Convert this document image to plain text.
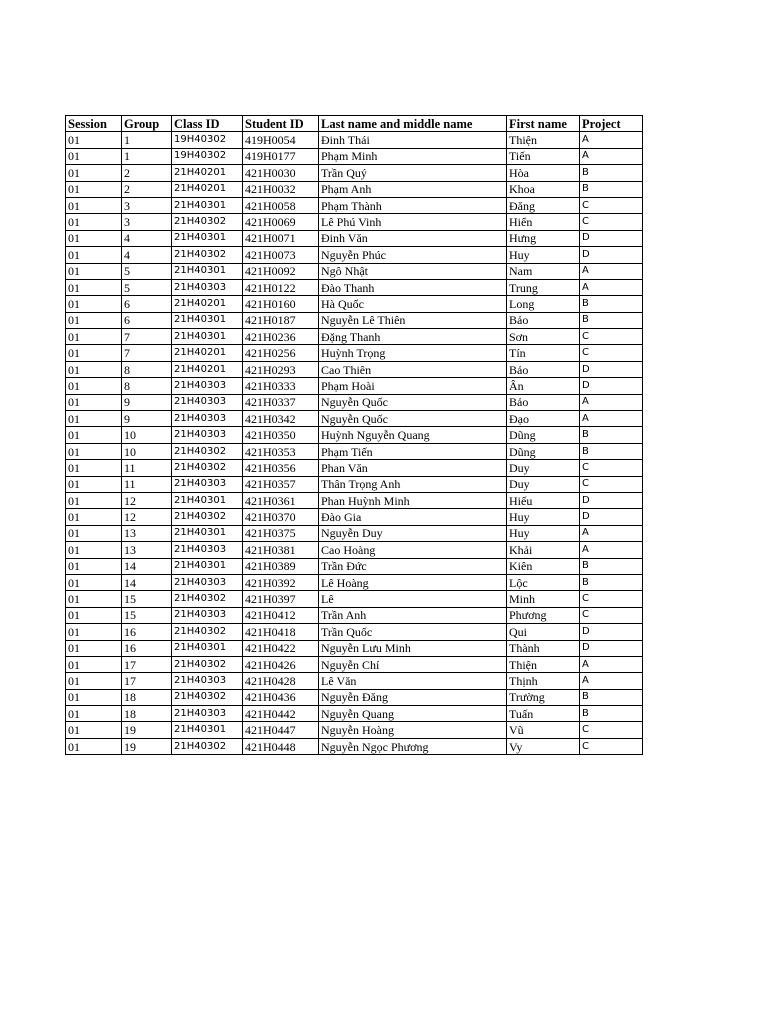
Session	Group	Class ID	Student ID	Last name and middle name	First name	Project
01	1	19H40302	419H0054	Đinh Thái	Thiện	A
01	1	19H40302	419H0177	Phạm Minh	Tiến	A
01	2	21H40201	421H0030	Trần Quý	Hòa	B
01	2	21H40201	421H0032	Phạm Anh	Khoa	B
01	3	21H40301	421H0058	Phạm Thành	Đăng	C
01	3	21H40302	421H0069	Lê Phú Vinh	Hiển	C
01	4	21H40301	421H0071	Đinh Văn	Hưng	D
01	4	21H40302	421H0073	Nguyễn Phúc	Huy	D
01	5	21H40301	421H0092	Ngô Nhật	Nam	A
01	5	21H40303	421H0122	Đào Thanh	Trung	A
01	6	21H40201	421H0160	Hà Quốc	Long	B
01	6	21H40301	421H0187	Nguyễn Lê Thiên	Bảo	B
01	7	21H40301	421H0236	Đặng Thanh	Sơn	C
01	7	21H40201	421H0256	Huỳnh Trọng	Tín	C
01	8	21H40201	421H0293	Cao Thiên	Bảo	D
01	8	21H40303	421H0333	Phạm Hoài	Ân	D
01	9	21H40303	421H0337	Nguyễn Quốc	Bảo	A
01	9	21H40303	421H0342	Nguyễn Quốc	Đạo	A
01	10	21H40303	421H0350	Huỳnh Nguyễn Quang	Dũng	B
01	10	21H40302	421H0353	Phạm Tiến	Dũng	B
01	11	21H40302	421H0356	Phan Văn	Duy	C
01	11	21H40303	421H0357	Thân Trọng Anh	Duy	C
01	12	21H40301	421H0361	Phan Huỳnh Minh	Hiếu	D
01	12	21H40302	421H0370	Đào Gia	Huy	D
01	13	21H40301	421H0375	Nguyễn Duy	Huy	A
01	13	21H40303	421H0381	Cao Hoàng	Khải	A
01	14	21H40301	421H0389	Trần Đức	Kiên	B
01	14	21H40303	421H0392	Lê Hoàng	Lộc	B
01	15	21H40302	421H0397	Lê	Minh	C
01	15	21H40303	421H0412	Trần Anh	Phương	C
01	16	21H40302	421H0418	Trần Quốc	Qui	D
01	16	21H40301	421H0422	Nguyễn Lưu Minh	Thành	D
01	17	21H40302	421H0426	Nguyễn Chí	Thiện	A
01	17	21H40303	421H0428	Lê Văn	Thịnh	A
01	18	21H40302	421H0436	Nguyễn Đăng	Trường	B
01	18	21H40303	421H0442	Nguyễn Quang	Tuấn	B
01	19	21H40301	421H0447	Nguyễn Hoàng	Vũ	C
01	19	21H40302	421H0448	Nguyễn Ngọc Phương	Vy	C
